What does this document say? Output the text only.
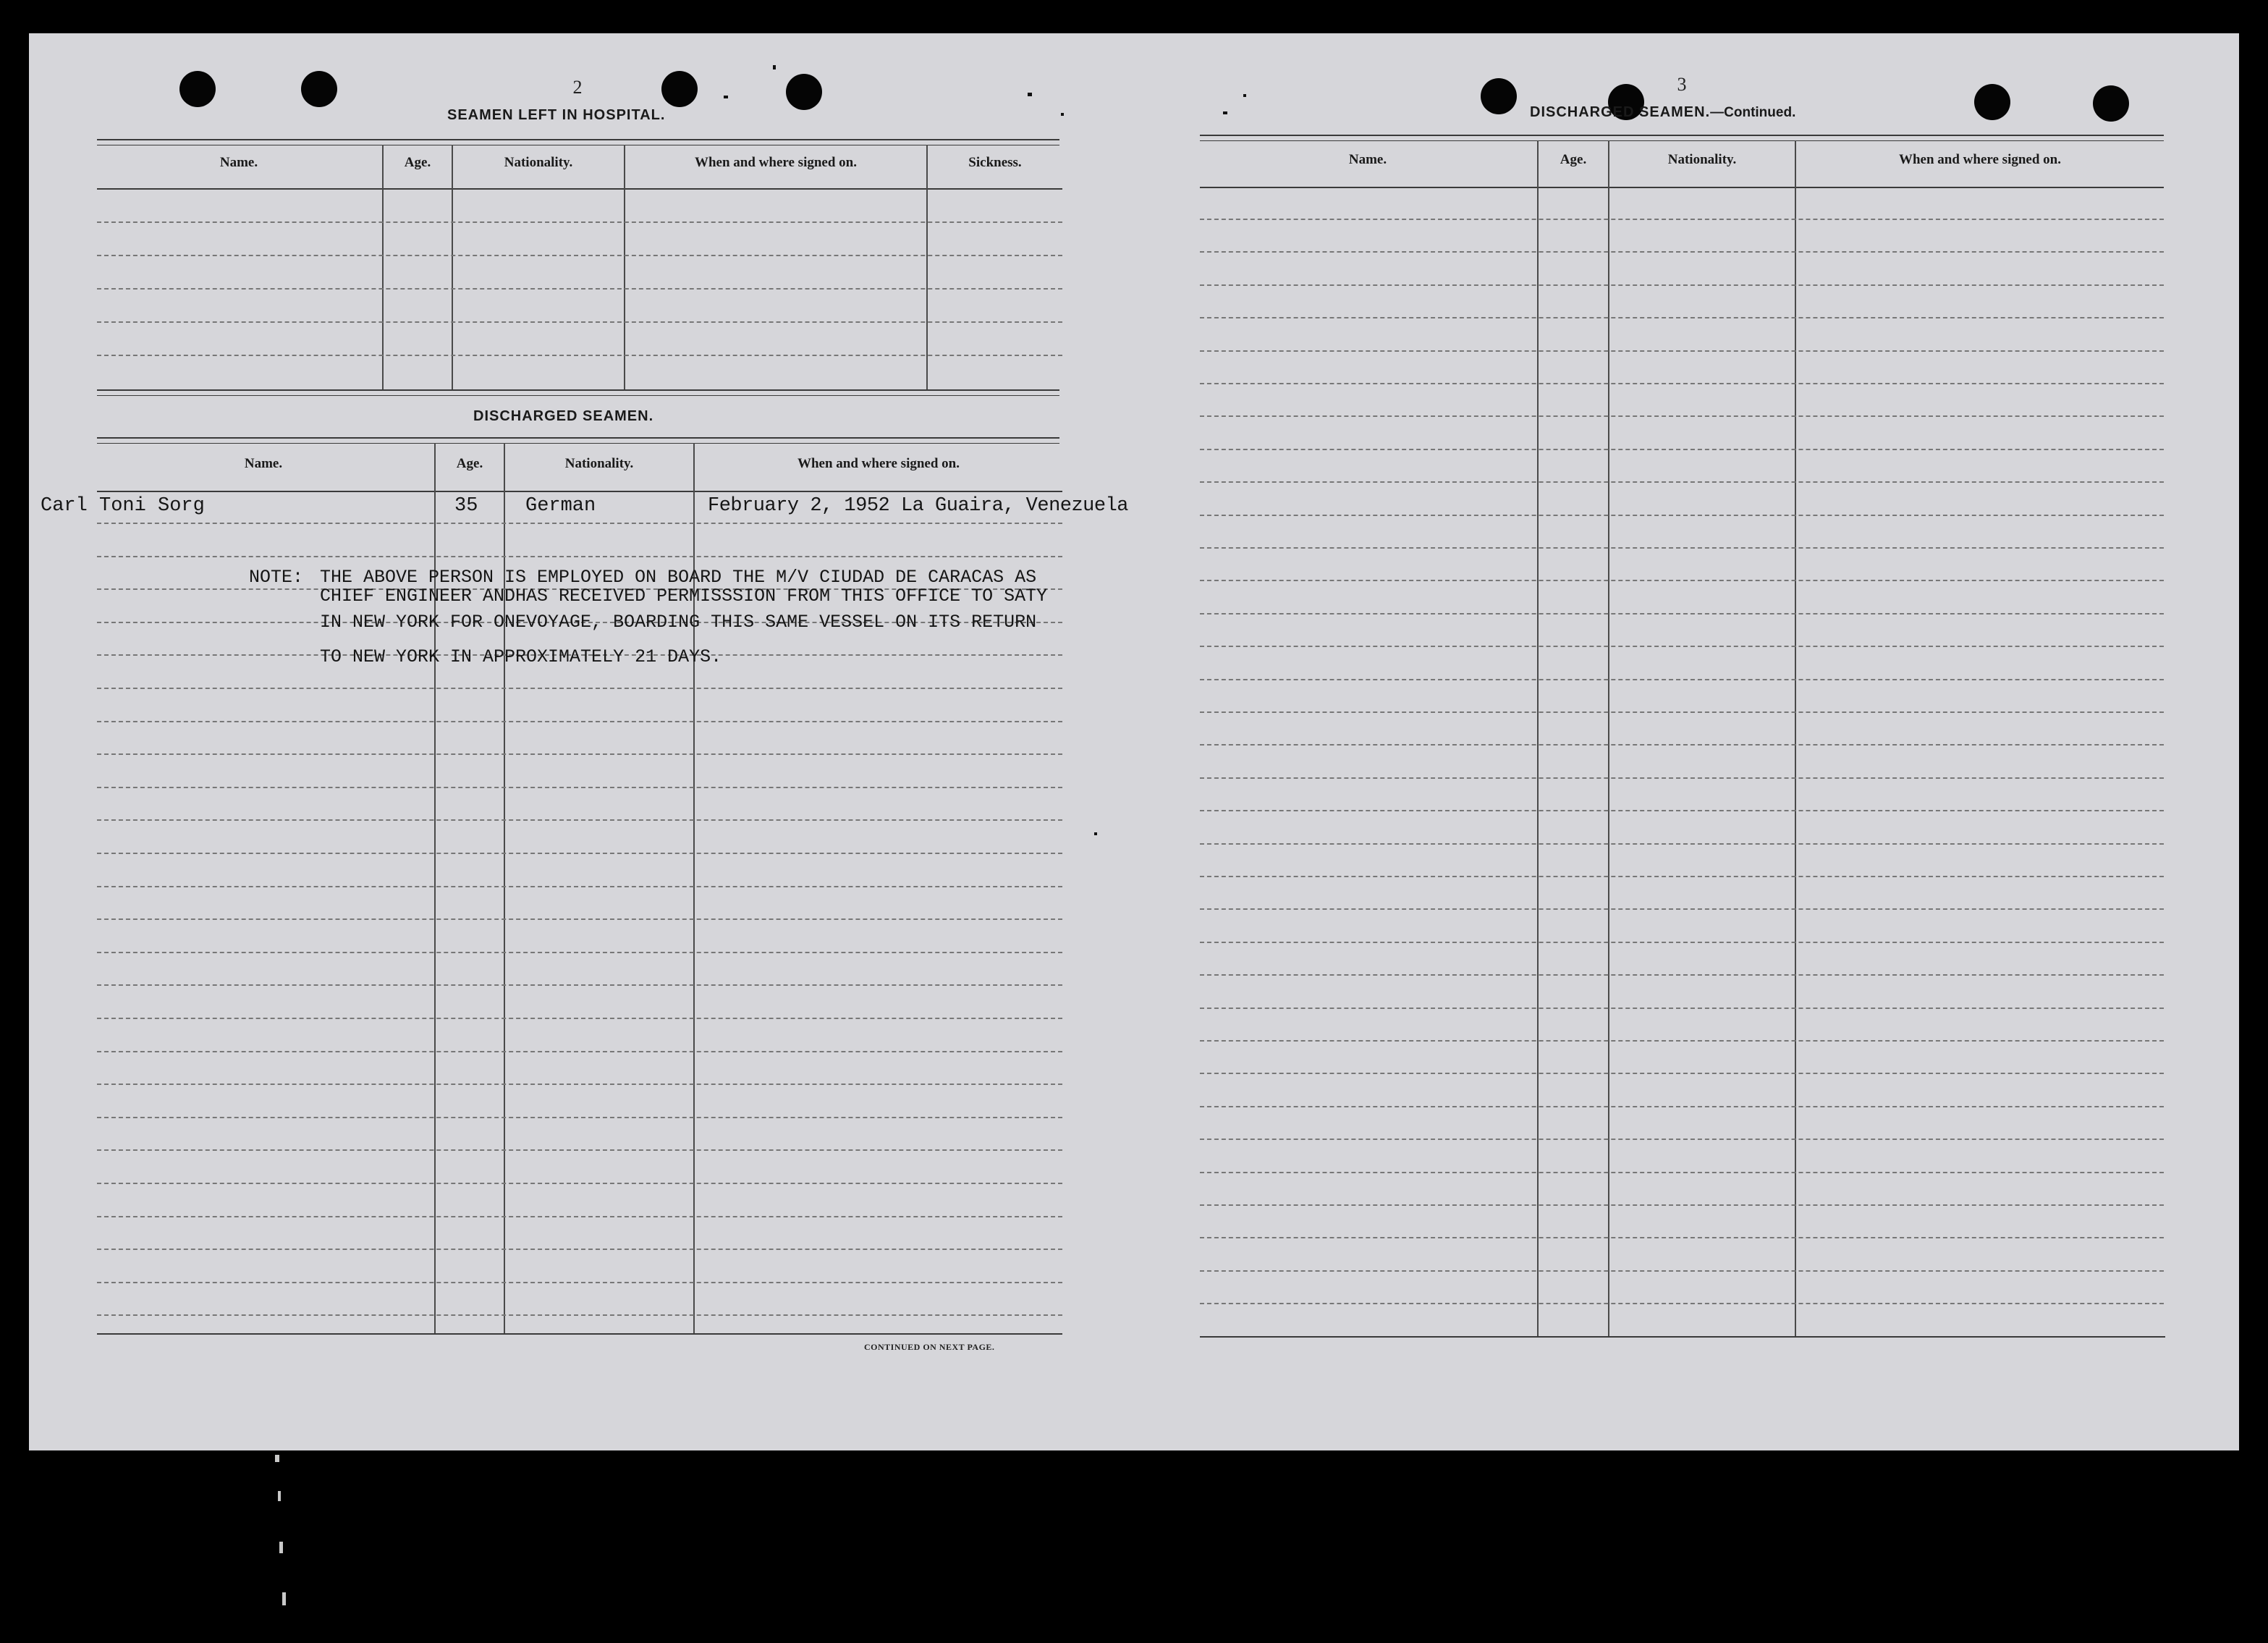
2
SEAMEN LEFT IN HOSPITAL.
Name.	Age.	Nationality.	When and where signed on.	Sickness.
DISCHARGED SEAMEN.
Name.	Age.	Nationality.	When and where signed on.
Carl Toni Sorg	35 German	February 2, 1952 La Guaira, Venezuela
NOTE: THE ABOVE PERSON IS EMPLOYED ON BOARD THE M/V CIUDAD DE CARACAS AS
CHIEF ENGINEER ANDHAS RECEIVED PERMISSSION FROM THIS OFFICE TO SATY
IN NEW YORK FOR ONEVOYAGE, BOARDING THIS SAME VESSEL ON ITS RETURN
TO NEW YORK IN APPROXIMATELY 21 DAYS.
CONTINUED ON NEXT PAGE.
3
DISCHARGED SEAMEN.—Continued.
Name.	Age.	Nationality.	When and where signed on.
